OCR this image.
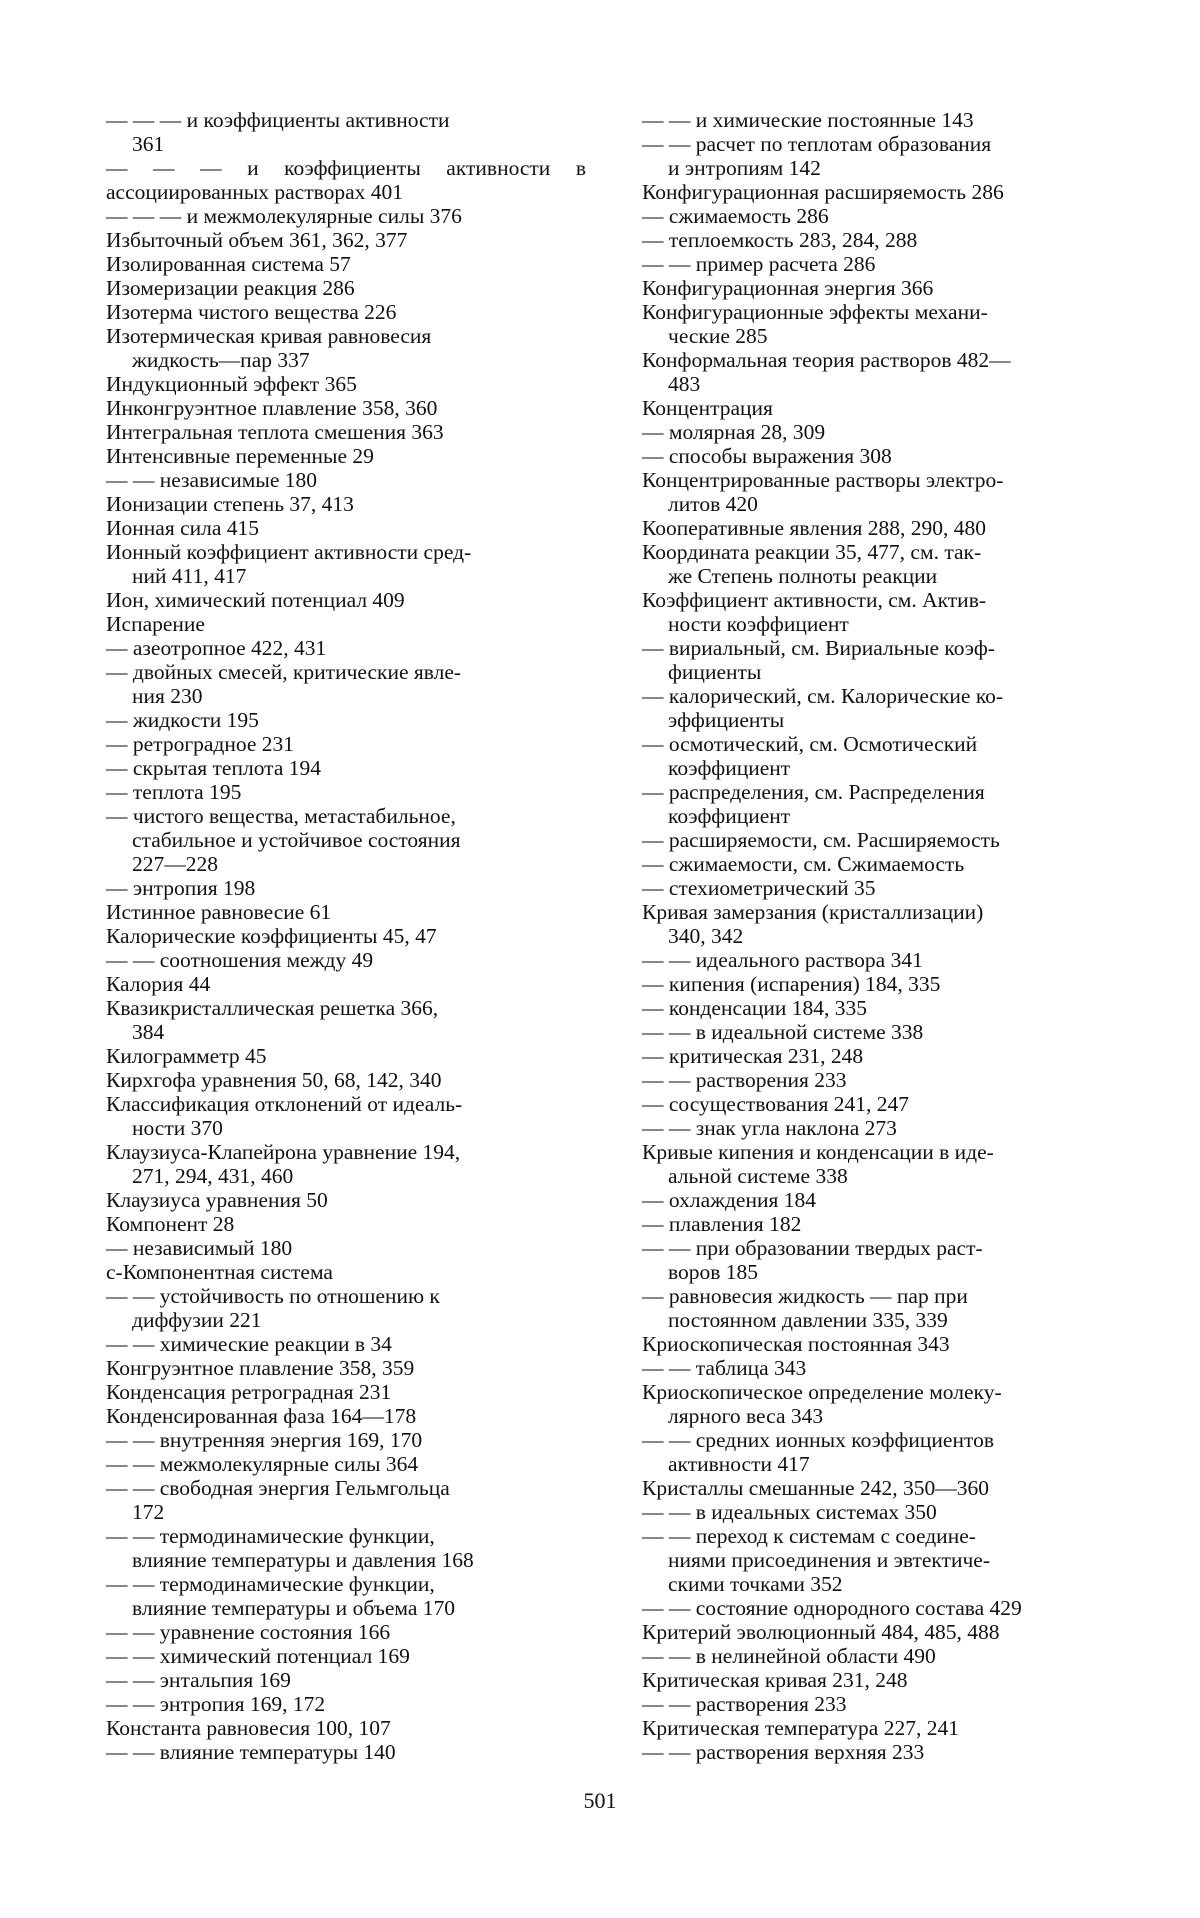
— — — и коэффициенты активности
361
— — — и коэффициенты активности в ассоциированных растворах 401
— — — и межмолекулярные силы 376
Избыточный объем 361, 362, 377
Изолированная система 57
Изомеризации реакция 286
Изотерма чистого вещества 226
Изотермическая кривая равновесия
жидкость—пар 337
Индукционный эффект 365
Инконгруэнтное плавление 358, 360
Интегральная теплота смешения 363
Интенсивные переменные 29
— — независимые 180
Ионизации степень 37, 413
Ионная сила 415
Ионный коэффициент активности сред-
ний 411, 417
Ион, химический потенциал 409
Испарение
— азеотропное 422, 431
— двойных смесей, критические явле-
ния 230
— жидкости 195
— ретроградное 231
— скрытая теплота 194
— теплота 195
— чистого вещества, метастабильное,
стабильное и устойчивое состояния
227—228
— энтропия 198
Истинное равновесие 61
Калорические коэффициенты 45, 47
— — соотношения между 49
Калория 44
Квазикристаллическая решетка 366,
384
Килограмметр 45
Кирхгофа уравнения 50, 68, 142, 340
Классификация отклонений от идеаль-
ности 370
Клаузиуса-Клапейрона уравнение 194,
271, 294, 431, 460
Клаузиуса уравнения 50
Компонент 28
— независимый 180
c-Компонентная система
— — устойчивость по отношению к
диффузии 221
— — химические реакции в 34
Конгруэнтное плавление 358, 359
Конденсация ретроградная 231
Конденсированная фаза 164—178
— — внутренняя энергия 169, 170
— — межмолекулярные силы 364
— — свободная энергия Гельмгольца
172
— — термодинамические функции,
влияние температуры и давления 168
— — термодинамические функции,
влияние температуры и объема 170
— — уравнение состояния 166
— — химический потенциал 169
— — энтальпия 169
— — энтропия 169, 172
Константа равновесия 100, 107
— — влияние температуры 140
— — и химические постоянные 143
— — расчет по теплотам образования
и энтропиям 142
Конфигурационная расширяемость 286
— сжимаемость 286
— теплоемкость 283, 284, 288
— — пример расчета 286
Конфигурационная энергия 366
Конфигурационные эффекты механи-
ческие 285
Конформальная теория растворов 482—
483
Концентрация
— молярная 28, 309
— способы выражения 308
Концентрированные растворы электро-
литов 420
Кооперативные явления 288, 290, 480
Координата реакции 35, 477, см. так-
же Степень полноты реакции
Коэффициент активности, см. Актив-
ности коэффициент
— вириальный, см. Вириальные коэф-
фициенты
— калорический, см. Калорические ко-
эффициенты
— осмотический, см. Осмотический
коэффициент
— распределения, см. Распределения
коэффициент
— расширяемости, см. Расширяемость
— сжимаемости, см. Сжимаемость
— стехиометрический 35
Кривая замерзания (кристаллизации)
340, 342
— — идеального раствора 341
— кипения (испарения) 184, 335
— конденсации 184, 335
— — в идеальной системе 338
— критическая 231, 248
— — растворения 233
— сосуществования 241, 247
— — знак угла наклона 273
Кривые кипения и конденсации в иде-
альной системе 338
— охлаждения 184
— плавления 182
— — при образовании твердых раст-
воров 185
— равновесия жидкость — пар при
постоянном давлении 335, 339
Криоскопическая постоянная 343
— — таблица 343
Криоскопическое определение молеку-
лярного веса 343
— — средних ионных коэффициентов
активности 417
Кристаллы смешанные 242, 350—360
— — в идеальных системах 350
— — переход к системам с соедине-
ниями присоединения и эвтектиче-
скими точками 352
— — состояние однородного состава 429
Критерий эволюционный 484, 485, 488
— — в нелинейной области 490
Критическая кривая 231, 248
— — растворения 233
Критическая температура 227, 241
— — растворения верхняя 233
501
